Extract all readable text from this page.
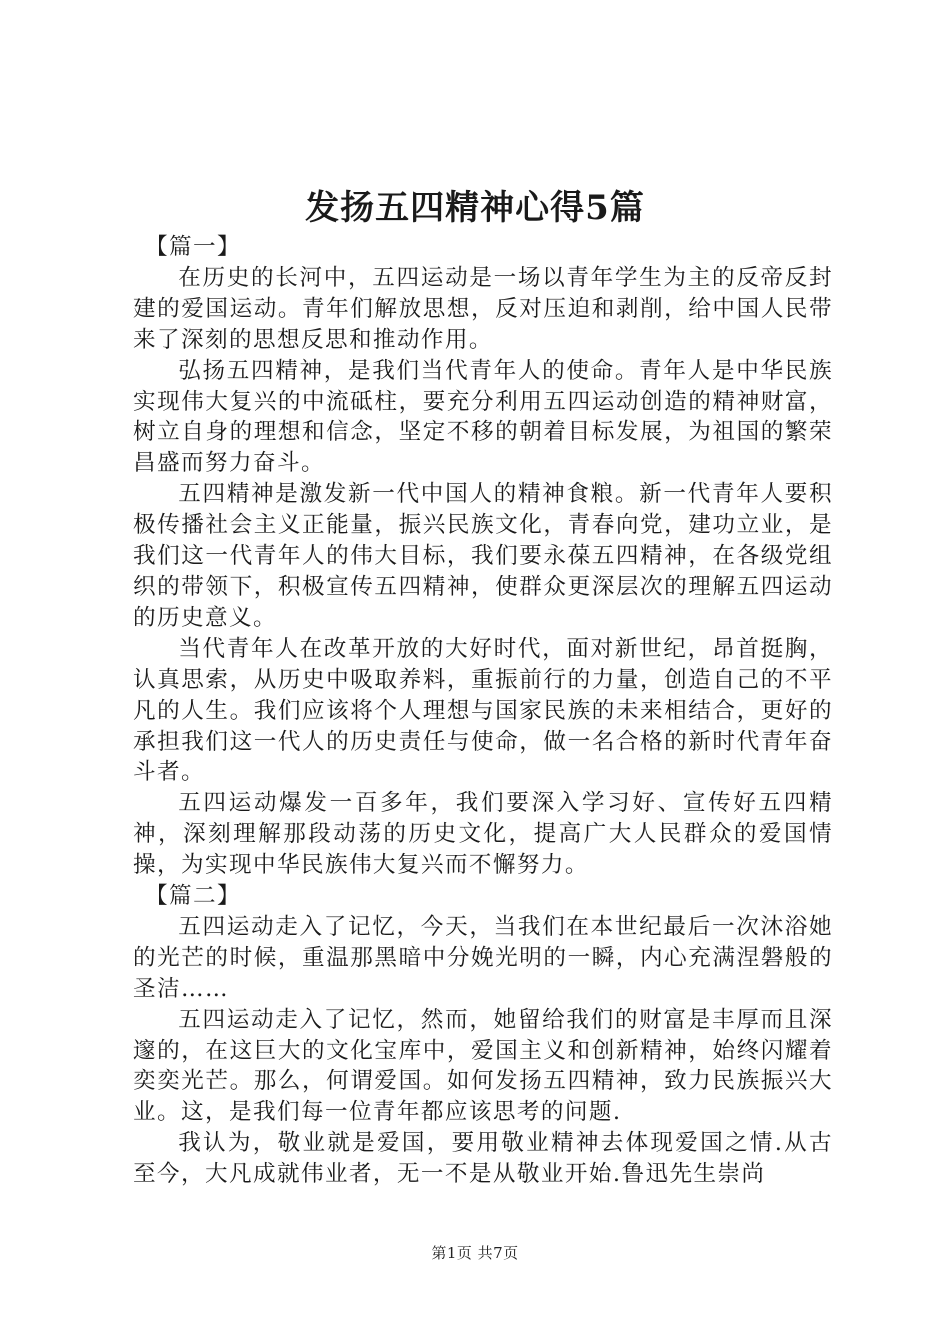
发扬五四精神心得5篇
【篇一】

在历史的长河中，五四运动是一场以青年学生为主的反帝反封建的爱国运动。青年们解放思想，反对压迫和剥削，给中国人民带来了深刻的思想反思和推动作用。

弘扬五四精神，是我们当代青年人的使命。青年人是中华民族实现伟大复兴的中流砥柱，要充分利用五四运动创造的精神财富，树立自身的理想和信念，坚定不移的朝着目标发展，为祖国的繁荣昌盛而努力奋斗。

五四精神是激发新一代中国人的精神食粮。新一代青年人要积极传播社会主义正能量，振兴民族文化，青春向党，建功立业，是我们这一代青年人的伟大目标，我们要永葆五四精神，在各级党组织的带领下，积极宣传五四精神，使群众更深层次的理解五四运动的历史意义。

当代青年人在改革开放的大好时代，面对新世纪，昂首挺胸，认真思索，从历史中吸取养料，重振前行的力量，创造自己的不平凡的人生。我们应该将个人理想与国家民族的未来相结合，更好的承担我们这一代人的历史责任与使命，做一名合格的新时代青年奋斗者。

五四运动爆发一百多年，我们要深入学习好、宣传好五四精神，深刻理解那段动荡的历史文化，提高广大人民群众的爱国情操，为实现中华民族伟大复兴而不懈努力。

【篇二】

五四运动走入了记忆，今天，当我们在本世纪最后一次沐浴她的光芒的时候，重温那黑暗中分娩光明的一瞬，内心充满涅磐般的圣洁……

五四运动走入了记忆，然而，她留给我们的财富是丰厚而且深邃的，在这巨大的文化宝库中，爱国主义和创新精神，始终闪耀着奕奕光芒。那么，何谓爱国。如何发扬五四精神，致力民族振兴大业。这，是我们每一位青年都应该思考的问题.

我认为，敬业就是爱国，要用敬业精神去体现爱国之情.从古至今，大凡成就伟业者，无一不是从敬业开始.鲁迅先生崇尚

第1页 共7页
